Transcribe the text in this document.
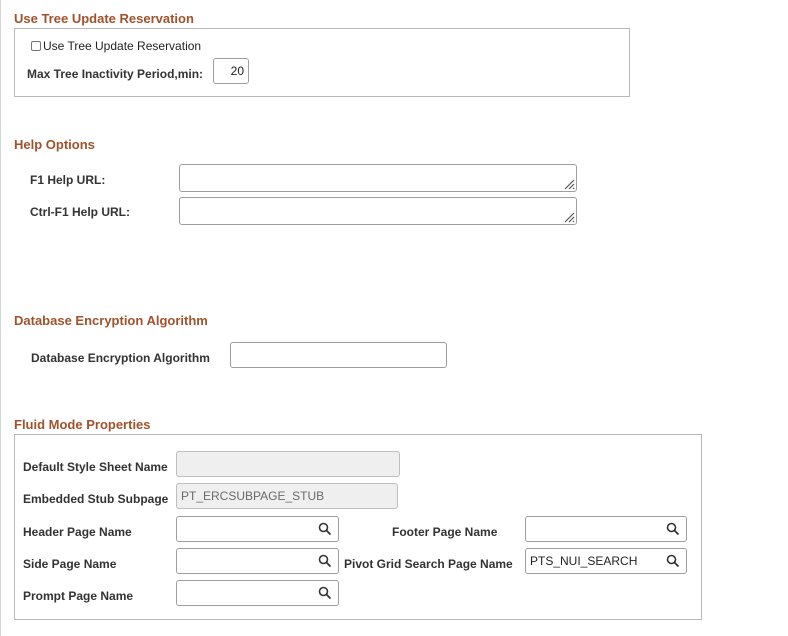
Use Tree Update Reservation
Use Tree Update Reservation
Max Tree Inactivity Period,min:	20
Help Options
F1 Help URL:
Ctrl-F1 Help URL:
Database Encryption Algorithm
Database Encryption Algorithm
Fluid Mode Properties
Default Style Sheet Name
Embedded Stub Subpage	PT_ERCSUBPAGE_STUB
Header Page Name	Footer Page Name
Side Page Name	Pivot Grid Search Page Name	PTS_NUI_SEARCH
Prompt Page Name
